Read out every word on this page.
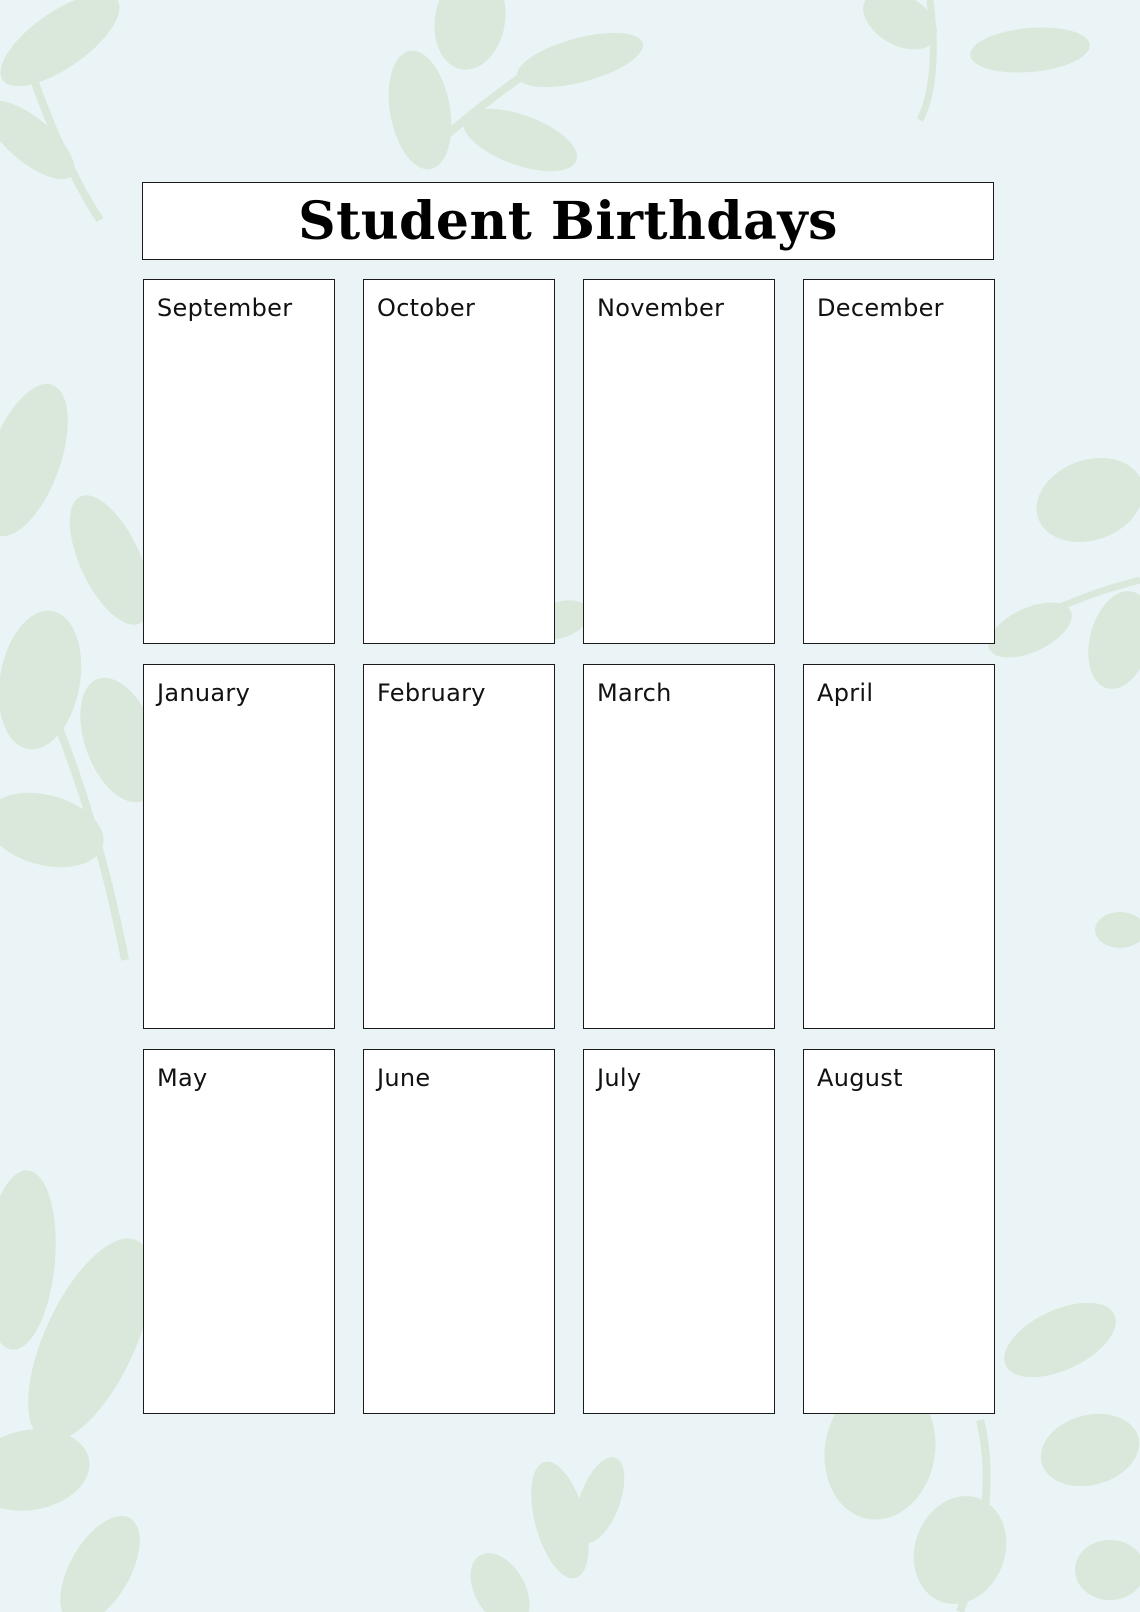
Student Birthdays
September	October	November	December
January	February	March	April
May	June	July	August
